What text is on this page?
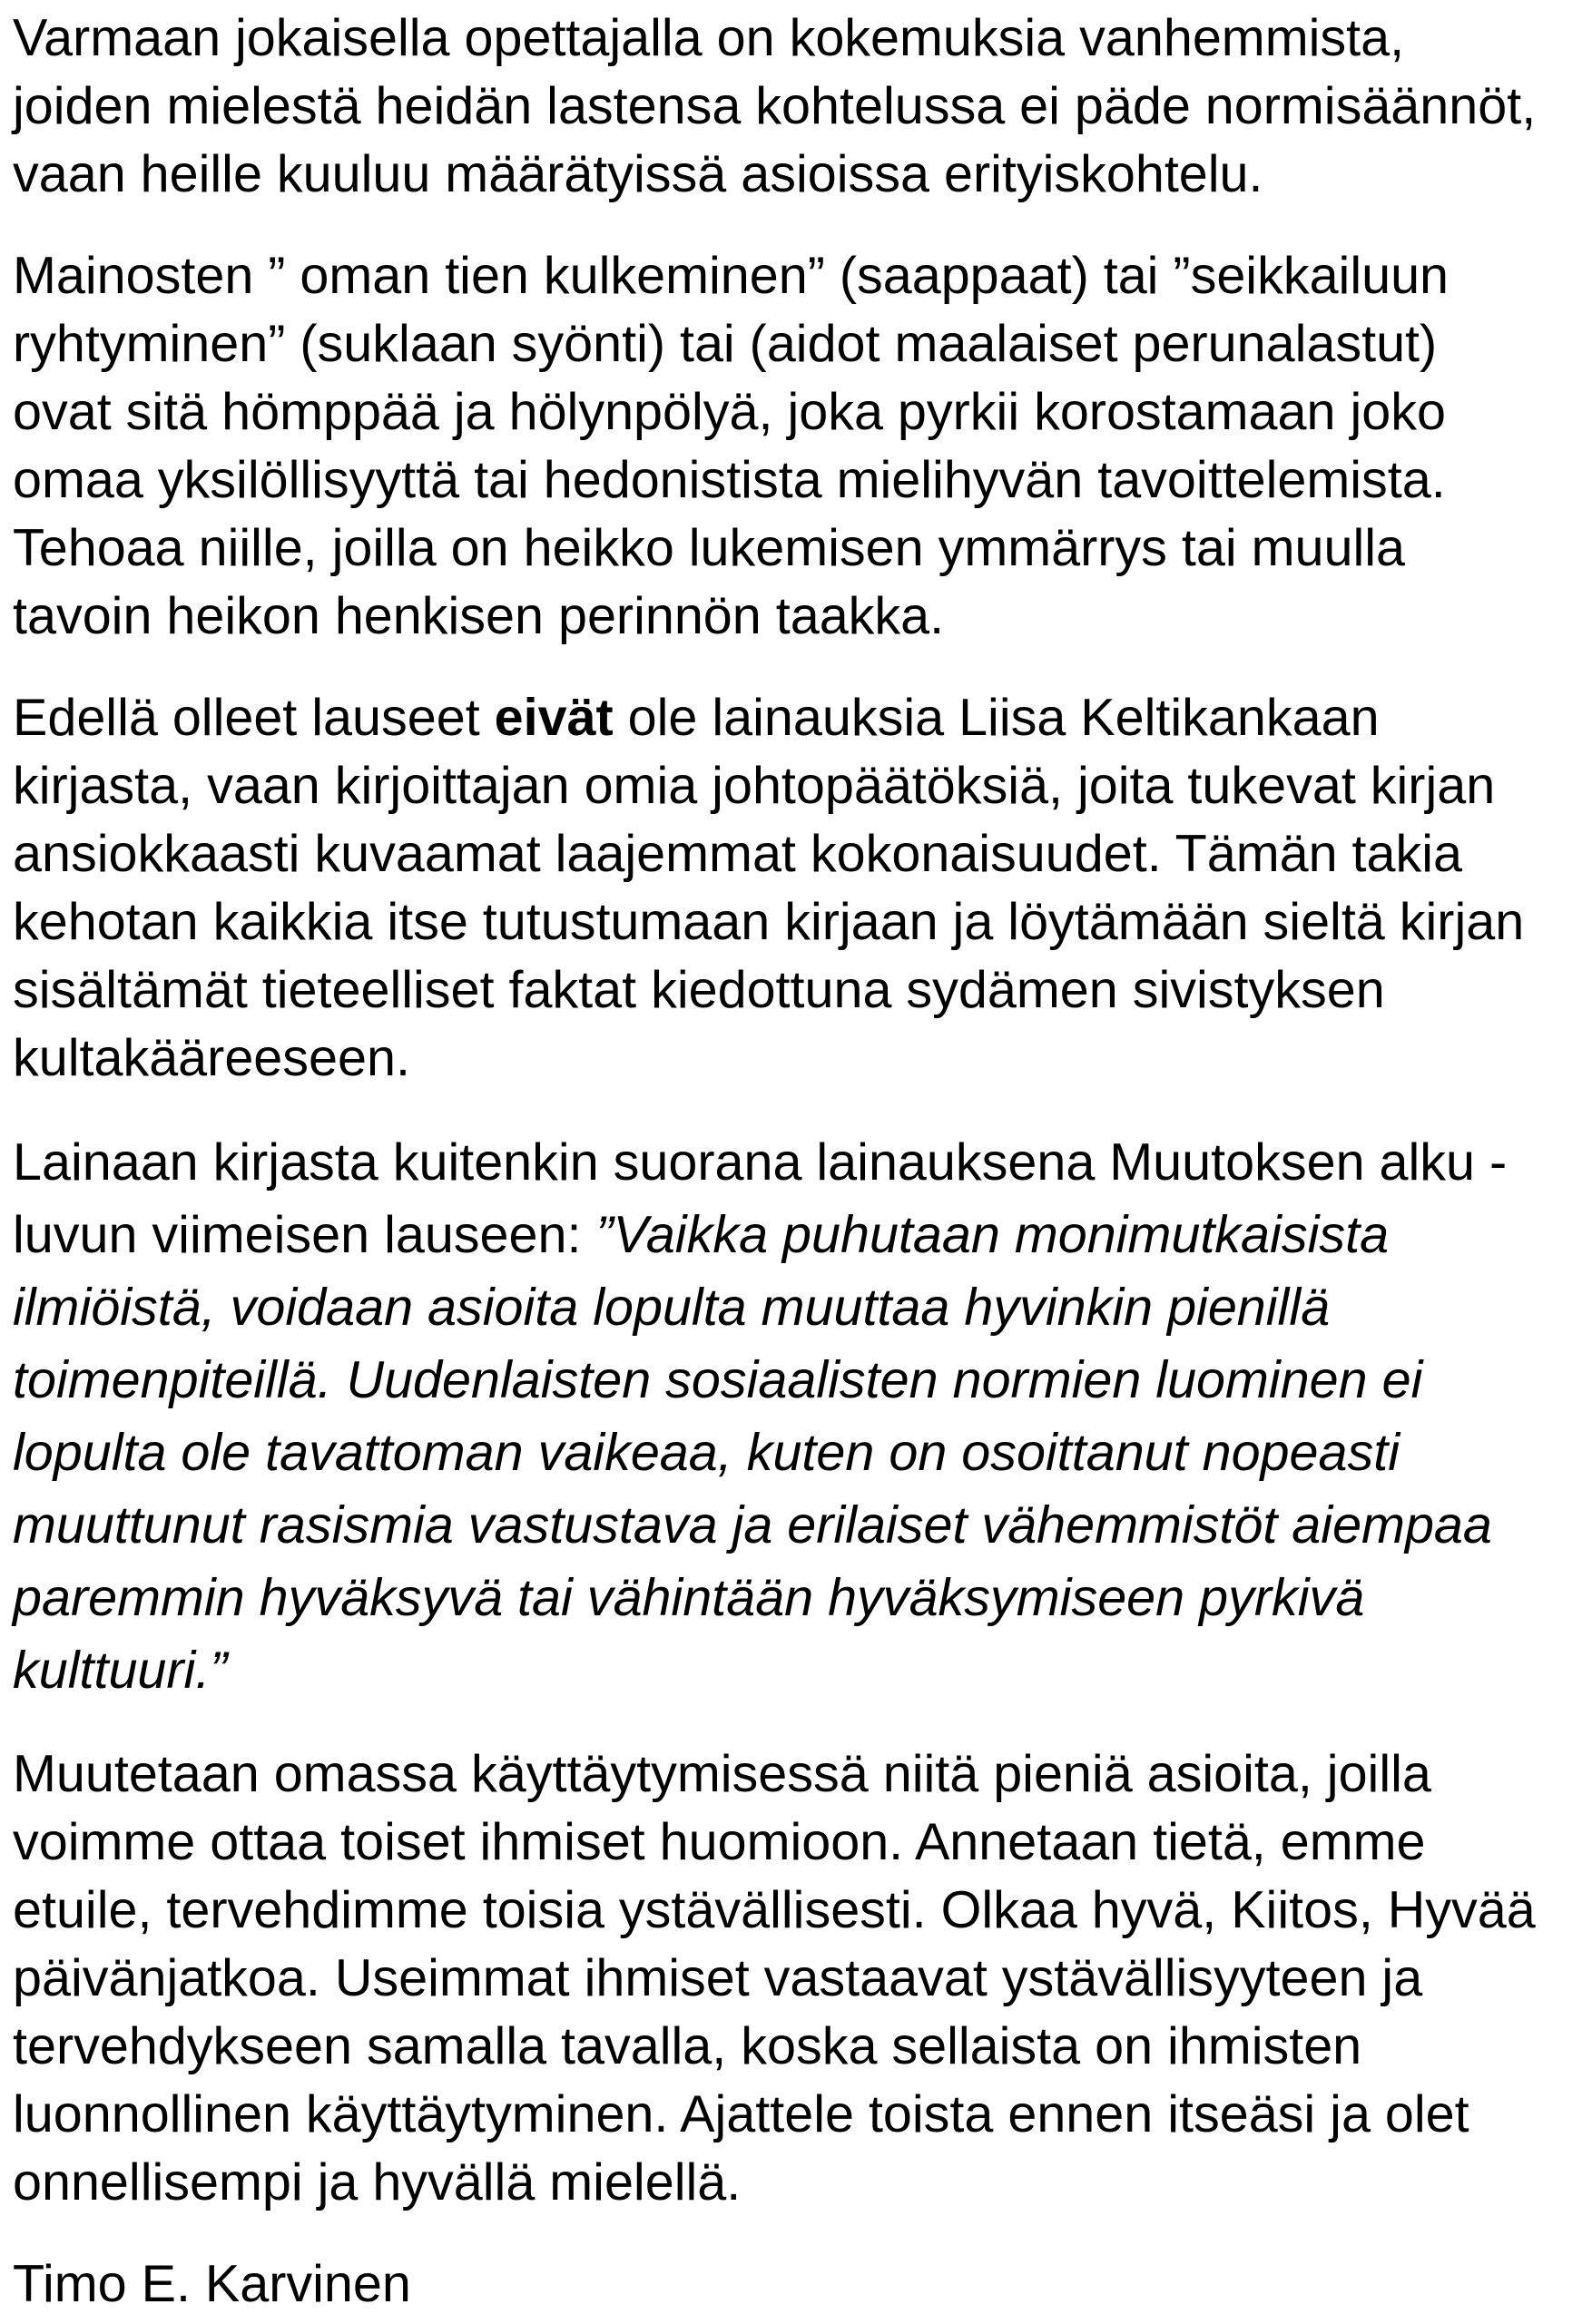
Varmaan jokaisella opettajalla on kokemuksia vanhemmista,
joiden mielestä heidän lastensa kohtelussa ei päde normisäännöt,
vaan heille kuuluu määrätyissä asioissa erityiskohtelu.
Mainosten ” oman tien kulkeminen” (saappaat) tai ”seikkailuun
ryhtyminen” (suklaan syönti) tai (aidot maalaiset perunalastut)
ovat sitä hömppää ja hölynpölyä, joka pyrkii korostamaan joko
omaa yksilöllisyyttä tai hedonistista mielihyvän tavoittelemista.
Tehoaa niille, joilla on heikko lukemisen ymmärrys tai muulla
tavoin heikon henkisen perinnön taakka.
Edellä olleet lauseet eivät ole lainauksia Liisa Keltikankaan
kirjasta, vaan kirjoittajan omia johtopäätöksiä, joita tukevat kirjan
ansiokkaasti kuvaamat laajemmat kokonaisuudet. Tämän takia
kehotan kaikkia itse tutustumaan kirjaan ja löytämään sieltä kirjan
sisältämät tieteelliset faktat kiedottuna sydämen sivistyksen
kultakääreeseen.
Lainaan kirjasta kuitenkin suorana lainauksena Muutoksen alku -
luvun viimeisen lauseen: ”Vaikka puhutaan monimutkaisista
ilmiöistä, voidaan asioita lopulta muuttaa hyvinkin pienillä
toimenpiteillä. Uudenlaisten sosiaalisten normien luominen ei
lopulta ole tavattoman vaikeaa, kuten on osoittanut nopeasti
muuttunut rasismia vastustava ja erilaiset vähemmistöt aiempaa
paremmin hyväksyvä tai vähintään hyväksymiseen pyrkivä
kulttuuri.”
Muutetaan omassa käyttäytymisessä niitä pieniä asioita, joilla
voimme ottaa toiset ihmiset huomioon. Annetaan tietä, emme
etuile, tervehdimme toisia ystävällisesti. Olkaa hyvä, Kiitos, Hyvää
päivänjatkoa. Useimmat ihmiset vastaavat ystävällisyyteen ja
tervehdykseen samalla tavalla, koska sellaista on ihmisten
luonnollinen käyttäytyminen. Ajattele toista ennen itseäsi ja olet
onnellisempi ja hyvällä mielellä.
Timo E. Karvinen
